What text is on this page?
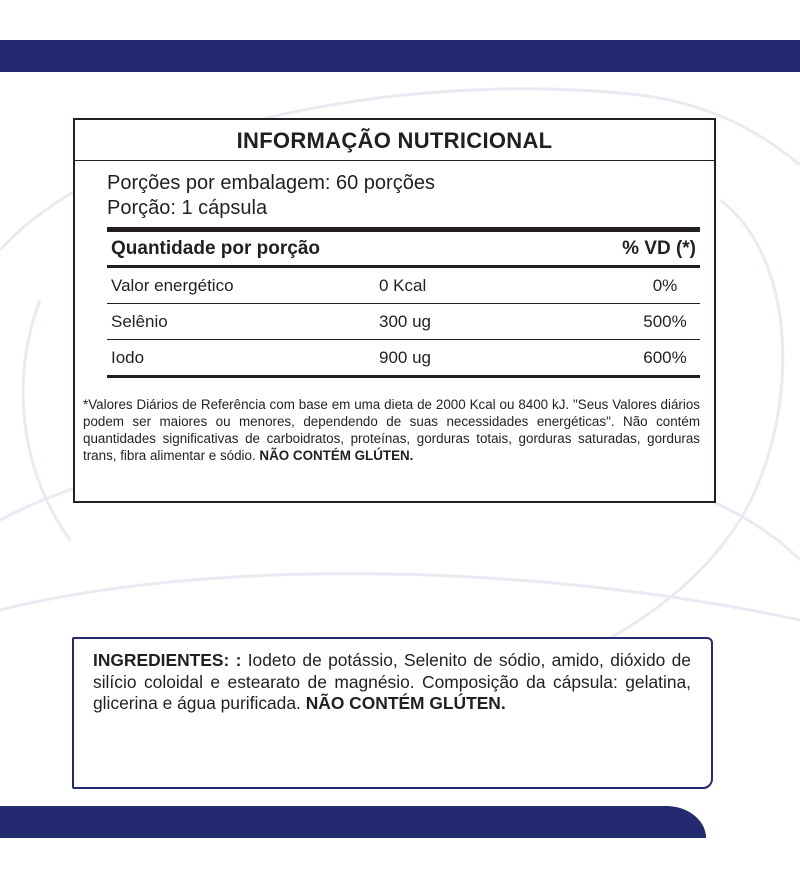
INFORMAÇÃO NUTRICIONAL
Porções por embalagem: 60 porções
Porção: 1 cápsula
Quantidade por porção	% VD (*)
Valor energético	0 Kcal	0%
Selênio	300 ug	500%
Iodo	900 ug	600%
*Valores Diários de Referência com base em uma dieta de 2000 Kcal ou 8400 kJ. "Seus Valores diários podem ser maiores ou menores, dependendo de suas necessidades energéticas". Não contém quantidades significativas de carboidratos, proteínas, gorduras totais, gorduras saturadas, gorduras trans, fibra alimentar e sódio. NÃO CONTÉM GLÚTEN.
INGREDIENTES: : Iodeto de potássio, Selenito de sódio, amido, dióxido de silício coloidal e estearato de magnésio. Composição da cápsula: gelatina, glicerina e água purificada. NÃO CONTÉM GLÚTEN.
